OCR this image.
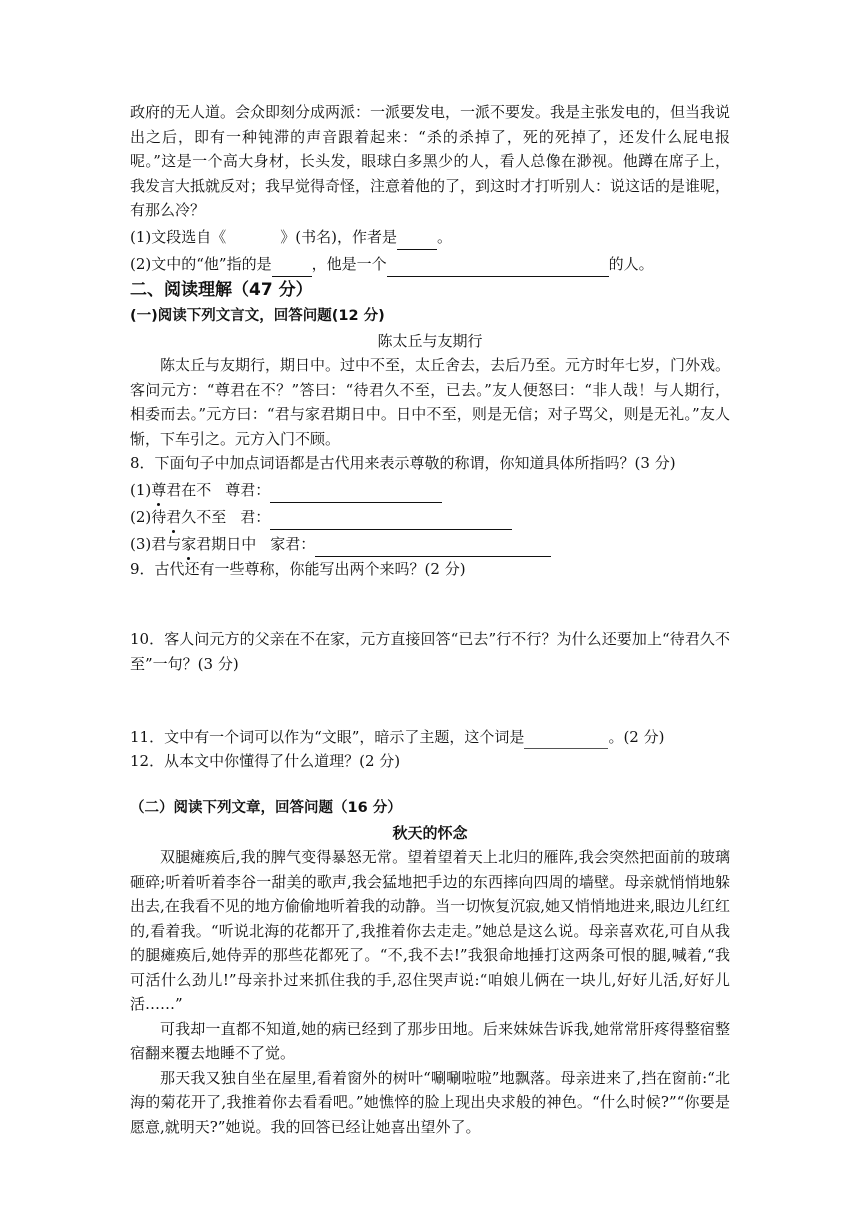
政府的无人道。会众即刻分成两派：一派要发电，一派不要发。我是主张发电的，但当我说出之后，即有一种钝滞的声音跟着起来：“杀的杀掉了，死的死掉了，还发什么屁电报呢。”这是一个高大身材，长头发，眼球白多黑少的人，看人总像在渺视。他蹲在席子上，我发言大抵就反对；我早觉得奇怪，注意着他的了，到这时才打听别人：说这话的是谁呢，有那么冷？

(1)文段选自《	》(书名)，作者是	。
(2)文中的“他”指的是	，他是一个	的人。

二、阅读理解（47 分）

(一)阅读下列文言文，回答问题(12 分)

陈太丘与友期行

陈太丘与友期行，期日中。过中不至，太丘舍去，去后乃至。元方时年七岁，门外戏。客问元方：“尊君在不？”答曰：“待君久不至，已去。”友人便怒曰：“非人哉！与人期行，相委而去。”元方曰：“君与家君期日中。日中不至，则是无信；对子骂父，则是无礼。”友人惭，下车引之。元方入门不顾。

8．下面句子中加点词语都是古代用来表示尊敬的称谓，你知道具体所指吗？(3 分)

(1) 尊 君在不 尊君：
(2)待 君 久不至 君：
(3)君与 家 君期日中 家君：

9．古代还有一些尊称，你能写出两个来吗？(2 分)

10．客人问元方的父亲在不在家，元方直接回答“已去”行不行？为什么还要加上“待君久不至”一句？(3 分)

11．文中有一个词可以作为“文眼”，暗示了主题，这个词是	。(2 分)

12．从本文中你懂得了什么道理？(2 分)

（二）阅读下列文章，回答问题（16 分）

秋天的怀念

双腿瘫痪后,我的脾气变得暴怒无常。望着望着天上北归的雁阵,我会突然把面前的玻璃砸碎;听着听着李谷一甜美的歌声,我会猛地把手边的东西摔向四周的墙壁。母亲就悄悄地躲出去,在我看不见的地方偷偷地听着我的动静。当一切恢复沉寂,她又悄悄地进来,眼边儿红红的,看着我。“听说北海的花都开了,我推着你去走走。”她总是这么说。母亲喜欢花,可自从我的腿瘫痪后,她侍弄的那些花都死了。“不,我不去!”我狠命地捶打这两条可恨的腿,喊着,“我可活什么劲儿!”母亲扑过来抓住我的手,忍住哭声说:“咱娘儿俩在一块儿,好好儿活,好好儿活……”

可我却一直都不知道,她的病已经到了那步田地。后来妹妹告诉我,她常常肝疼得整宿整宿翻来覆去地睡不了觉。

那天我又独自坐在屋里,看着窗外的树叶“唰唰啦啦”地飘落。母亲进来了,挡在窗前:“北海的菊花开了,我推着你去看看吧。”她憔悴的脸上现出央求般的神色。“什么时候?”“你要是愿意,就明天?”她说。我的回答已经让她喜出望外了。
